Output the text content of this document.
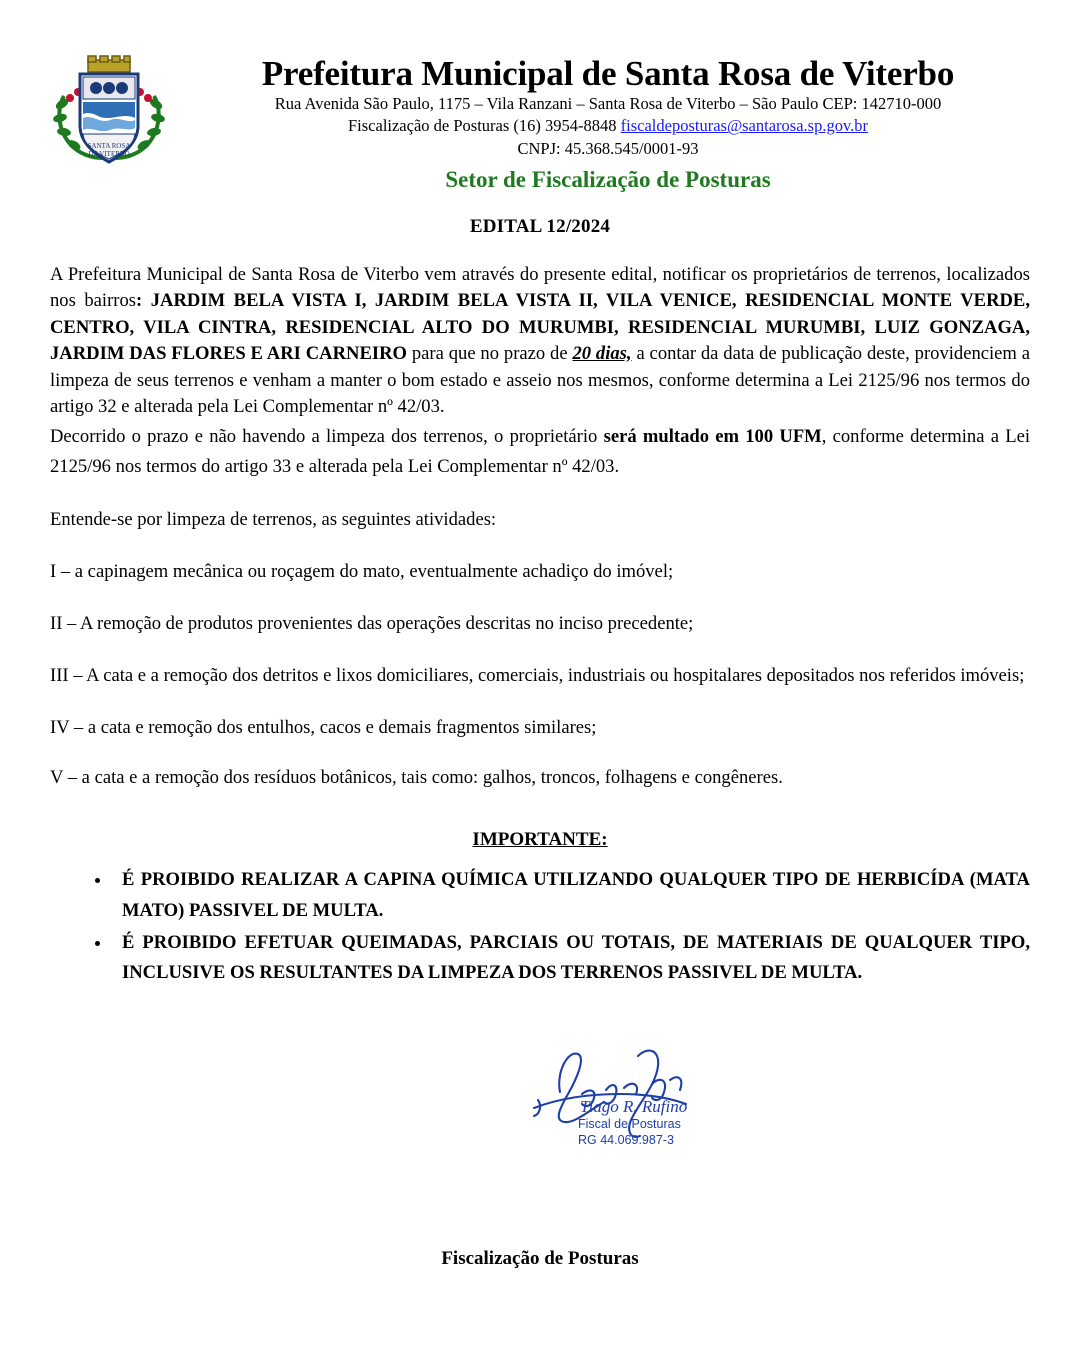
SANTA ROSA
DE VITERBO
Prefeitura Municipal de Santa Rosa de Viterbo
Rua Avenida São Paulo, 1175 – Vila Ranzani – Santa Rosa de Viterbo – São Paulo CEP: 142710-000
Fiscalização de Posturas (16) 3954-8848 fiscaldeposturas@santarosa.sp.gov.br
CNPJ: 45.368.545/0001-93
Setor de Fiscalização de Posturas
EDITAL 12/2024

A Prefeitura Municipal de Santa Rosa de Viterbo vem através do presente edital, notificar os proprietários de terrenos, localizados nos bairros: JARDIM BELA VISTA I, JARDIM BELA VISTA II, VILA VENICE, RESIDENCIAL MONTE VERDE, CENTRO, VILA CINTRA, RESIDENCIAL ALTO DO MURUMBI, RESIDENCIAL MURUMBI, LUIZ GONZAGA, JARDIM DAS FLORES E ARI CARNEIRO para que no prazo de 20 dias, a contar da data de publicação deste, providenciem a limpeza de seus terrenos e venham a manter o bom estado e asseio nos mesmos, conforme determina a Lei 2125/96 nos termos do artigo 32 e alterada pela Lei Complementar nº 42/03.

Decorrido o prazo e não havendo a limpeza dos terrenos, o proprietário será multado em 100 UFM, conforme determina a Lei 2125/96 nos termos do artigo 33 e alterada pela Lei Complementar nº 42/03.

Entende-se por limpeza de terrenos, as seguintes atividades:

I – a capinagem mecânica ou roçagem do mato, eventualmente achadiço do imóvel;

II – A remoção de produtos provenientes das operações descritas no inciso precedente;

III – A cata e a remoção dos detritos e lixos domiciliares, comerciais, industriais ou hospitalares depositados nos referidos imóveis;

IV – a cata e remoção dos entulhos, cacos e demais fragmentos similares;

V – a cata e a remoção dos resíduos botânicos, tais como: galhos, troncos, folhagens e congêneres.

IMPORTANTE:
• É PROIBIDO REALIZAR A CAPINA QUÍMICA UTILIZANDO QUALQUER TIPO DE HERBICÍDA (MATA MATO) PASSIVEL DE MULTA.
• É PROIBIDO EFETUAR QUEIMADAS, PARCIAIS OU TOTAIS, DE MATERIAIS DE QUALQUER TIPO, INCLUSIVE OS RESULTANTES DA LIMPEZA DOS TERRENOS PASSIVEL DE MULTA.
Tiago R. Rufino
Fiscal de Posturas
RG 44.069.987-3
Fiscalização de Posturas
